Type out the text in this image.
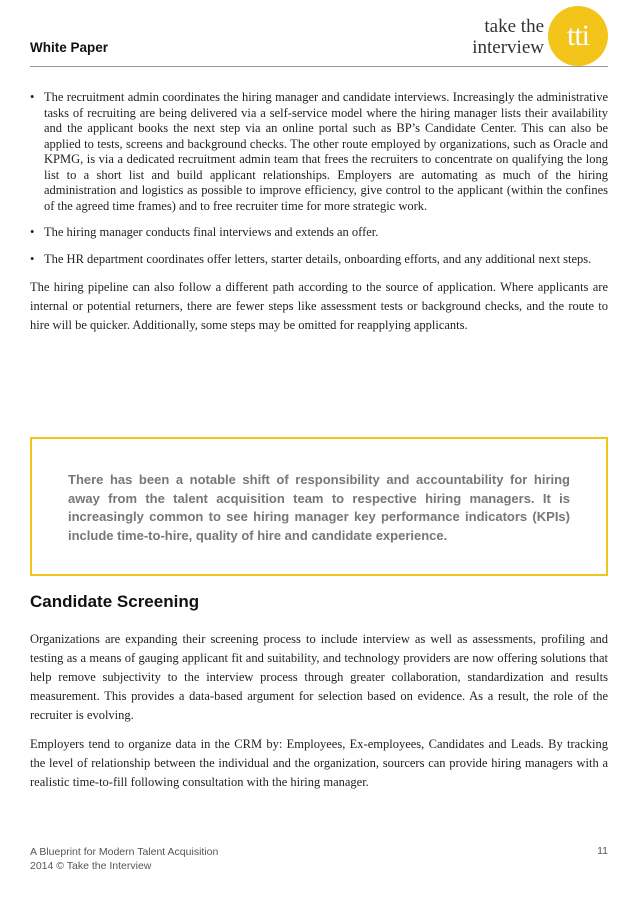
White Paper
take the
interview tti
• The recruitment admin coordinates the hiring manager and candidate interviews. Increasingly the administrative tasks of recruiting are being delivered via a self-service model where the hiring manager lists their availability and the applicant books the next step via an online portal such as BP’s Candidate Center. This can also be applied to tests, screens and background checks. The other route employed by organizations, such as Oracle and KPMG, is via a dedicated recruitment admin team that frees the recruiters to concentrate on qualifying the long list to a short list and build applicant relationships. Employers are automating as much of the hiring administration and logistics as possible to improve efficiency, give control to the applicant (within the confines of the agreed time frames) and to free recruiter time for more strategic work.
• The hiring manager conducts final interviews and extends an offer.
• The HR department coordinates offer letters, starter details, onboarding efforts, and any additional next steps.

The hiring pipeline can also follow a different path according to the source of application. Where applicants are internal or potential returners, there are fewer steps like assessment tests or background checks, and the route to hire will be quicker. Additionally, some steps may be omitted for reapplying applicants.

There has been a notable shift of responsibility and accountability for hiring away from the talent acquisition team to respective hiring managers. It is increasingly common to see hiring manager key performance indicators (KPIs) include time-to-hire, quality of hire and candidate experience.
Candidate Screening

Organizations are expanding their screening process to include interview as well as assessments, profiling and testing as a means of gauging applicant fit and suitability, and technology providers are now offering solutions that help remove subjectivity to the interview process through greater collaboration, standardization and results measurement. This provides a data-based argument for selection based on evidence. As a result, the role of the recruiter is evolving.

Employers tend to organize data in the CRM by: Employees, Ex-employees, Candidates and Leads. By tracking the level of relationship between the individual and the organization, sourcers can provide hiring managers with a realistic time-to-fill following consultation with the hiring manager.

A Blueprint for Modern Talent Acquisition
2014 © Take the Interview
11
